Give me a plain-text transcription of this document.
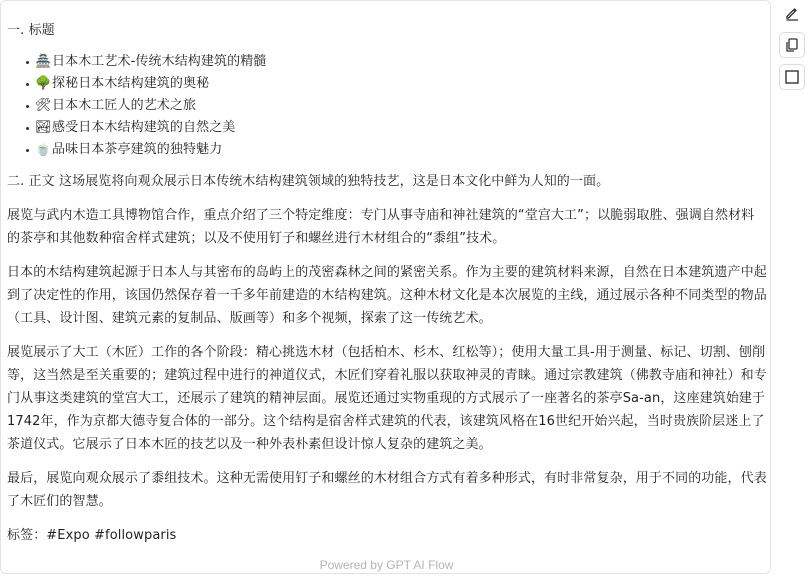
一. 标题
🏯日本木工艺术-传统木结构建筑的精髓
🌳探秘日本木结构建筑的奥秘
🛠日本木工匠人的艺术之旅
🏞感受日本木结构建筑的自然之美
🍵品味日本茶亭建筑的独特魅力

二. 正文 这场展览将向观众展示日本传统木结构建筑领域的独特技艺，这是日本文化中鲜为人知的一面。

展览与武内木造工具博物馆合作，重点介绍了三个特定维度：专门从事寺庙和神社建筑的“堂宫大工”；以脆弱取胜、强调自然材料的茶亭和其他数种宿舍样式建筑；以及不使用钉子和螺丝进行木材组合的“黍组”技术。

日本的木结构建筑起源于日本人与其密布的岛屿上的茂密森林之间的紧密关系。作为主要的建筑材料来源，自然在日本建筑遗产中起到了决定性的作用，该国仍然保存着一千多年前建造的木结构建筑。这种木材文化是本次展览的主线，通过展示各种不同类型的物品（工具、设计图、建筑元素的复制品、版画等）和多个视频，探索了这一传统艺术。

展览展示了大工（木匠）工作的各个阶段：精心挑选木材（包括柏木、杉木、红松等）；使用大量工具-用于测量、标记、切割、刨削等，这当然是至关重要的；建筑过程中进行的神道仪式，木匠们穿着礼服以获取神灵的青睐。通过宗教建筑（佛教寺庙和神社）和专门从事这类建筑的堂宫大工，还展示了建筑的精神层面。展览还通过实物重现的方式展示了一座著名的茶亭Sa-an，这座建筑始建于1742年，作为京都大德寺复合体的一部分。这个结构是宿舍样式建筑的代表，该建筑风格在16世纪开始兴起，当时贵族阶层迷上了茶道仪式。它展示了日本木匠的技艺以及一种外表朴素但设计惊人复杂的建筑之美。

最后，展览向观众展示了黍组技术。这种无需使用钉子和螺丝的木材组合方式有着多种形式，有时非常复杂，用于不同的功能，代表了木匠们的智慧。

标签：#Expo #followparis

Powered by GPT AI Flow
